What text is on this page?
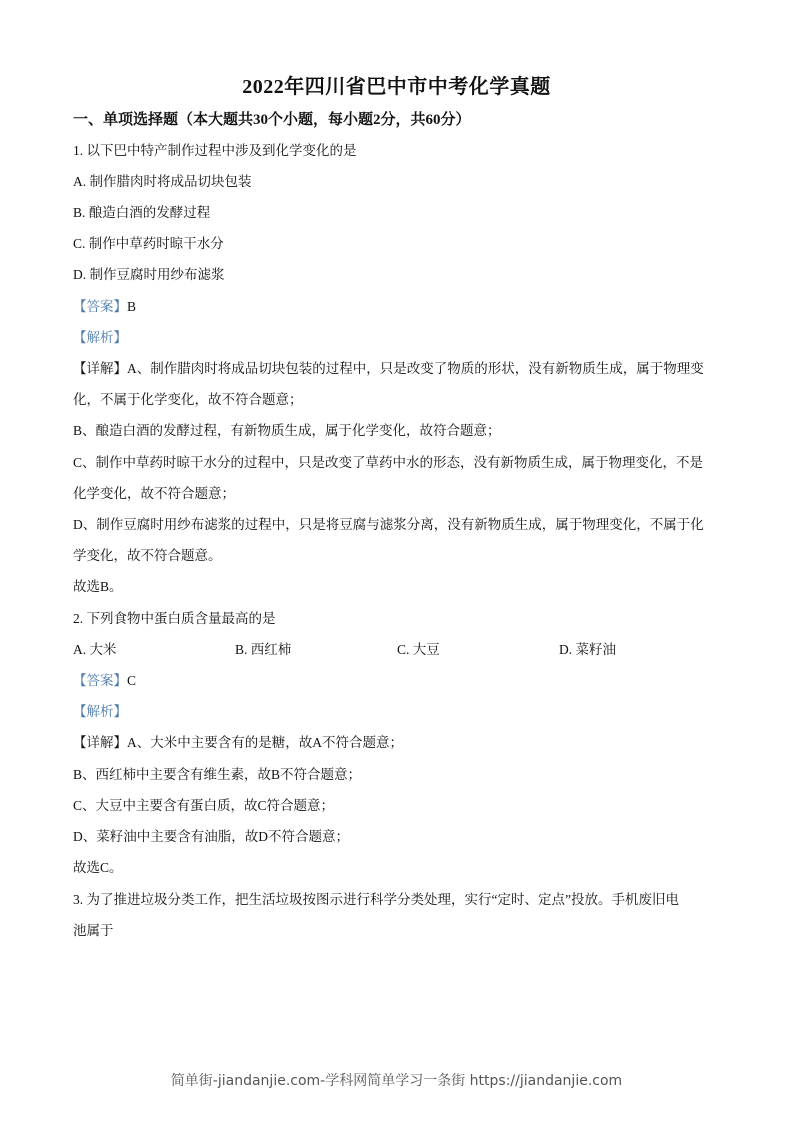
2022年四川省巴中市中考化学真题
一、单项选择题（本大题共30个小题，每小题2分，共60分）
1. 以下巴中特产制作过程中涉及到化学变化的是
A. 制作腊肉时将成品切块包装
B. 酿造白酒的发酵过程
C. 制作中草药时晾干水分
D. 制作豆腐时用纱布滤浆
【答案】B
【解析】
【详解】A、制作腊肉时将成品切块包装的过程中，只是改变了物质的形状，没有新物质生成，属于物理变
化，不属于化学变化，故不符合题意；
B、酿造白酒的发酵过程，有新物质生成，属于化学变化，故符合题意；
C、制作中草药时晾干水分的过程中，只是改变了草药中水的形态，没有新物质生成，属于物理变化，不是
化学变化，故不符合题意；
D、制作豆腐时用纱布滤浆的过程中，只是将豆腐与滤浆分离，没有新物质生成，属于物理变化，不属于化
学变化，故不符合题意。
故选B。
2. 下列食物中蛋白质含量最高的是
A. 大米	B. 西红柿	C. 大豆	D. 菜籽油
【答案】C
【解析】
【详解】A、大米中主要含有的是糖，故A不符合题意；
B、西红柿中主要含有维生素，故B不符合题意；
C、大豆中主要含有蛋白质，故C符合题意；
D、菜籽油中主要含有油脂，故D不符合题意；
故选C。
3. 为了推进垃圾分类工作，把生活垃圾按图示进行科学分类处理，实行“定时、定点”投放。手机废旧电
池属于
简单街-jiandanjie.com-学科网简单学习一条街 https://jiandanjie.com
